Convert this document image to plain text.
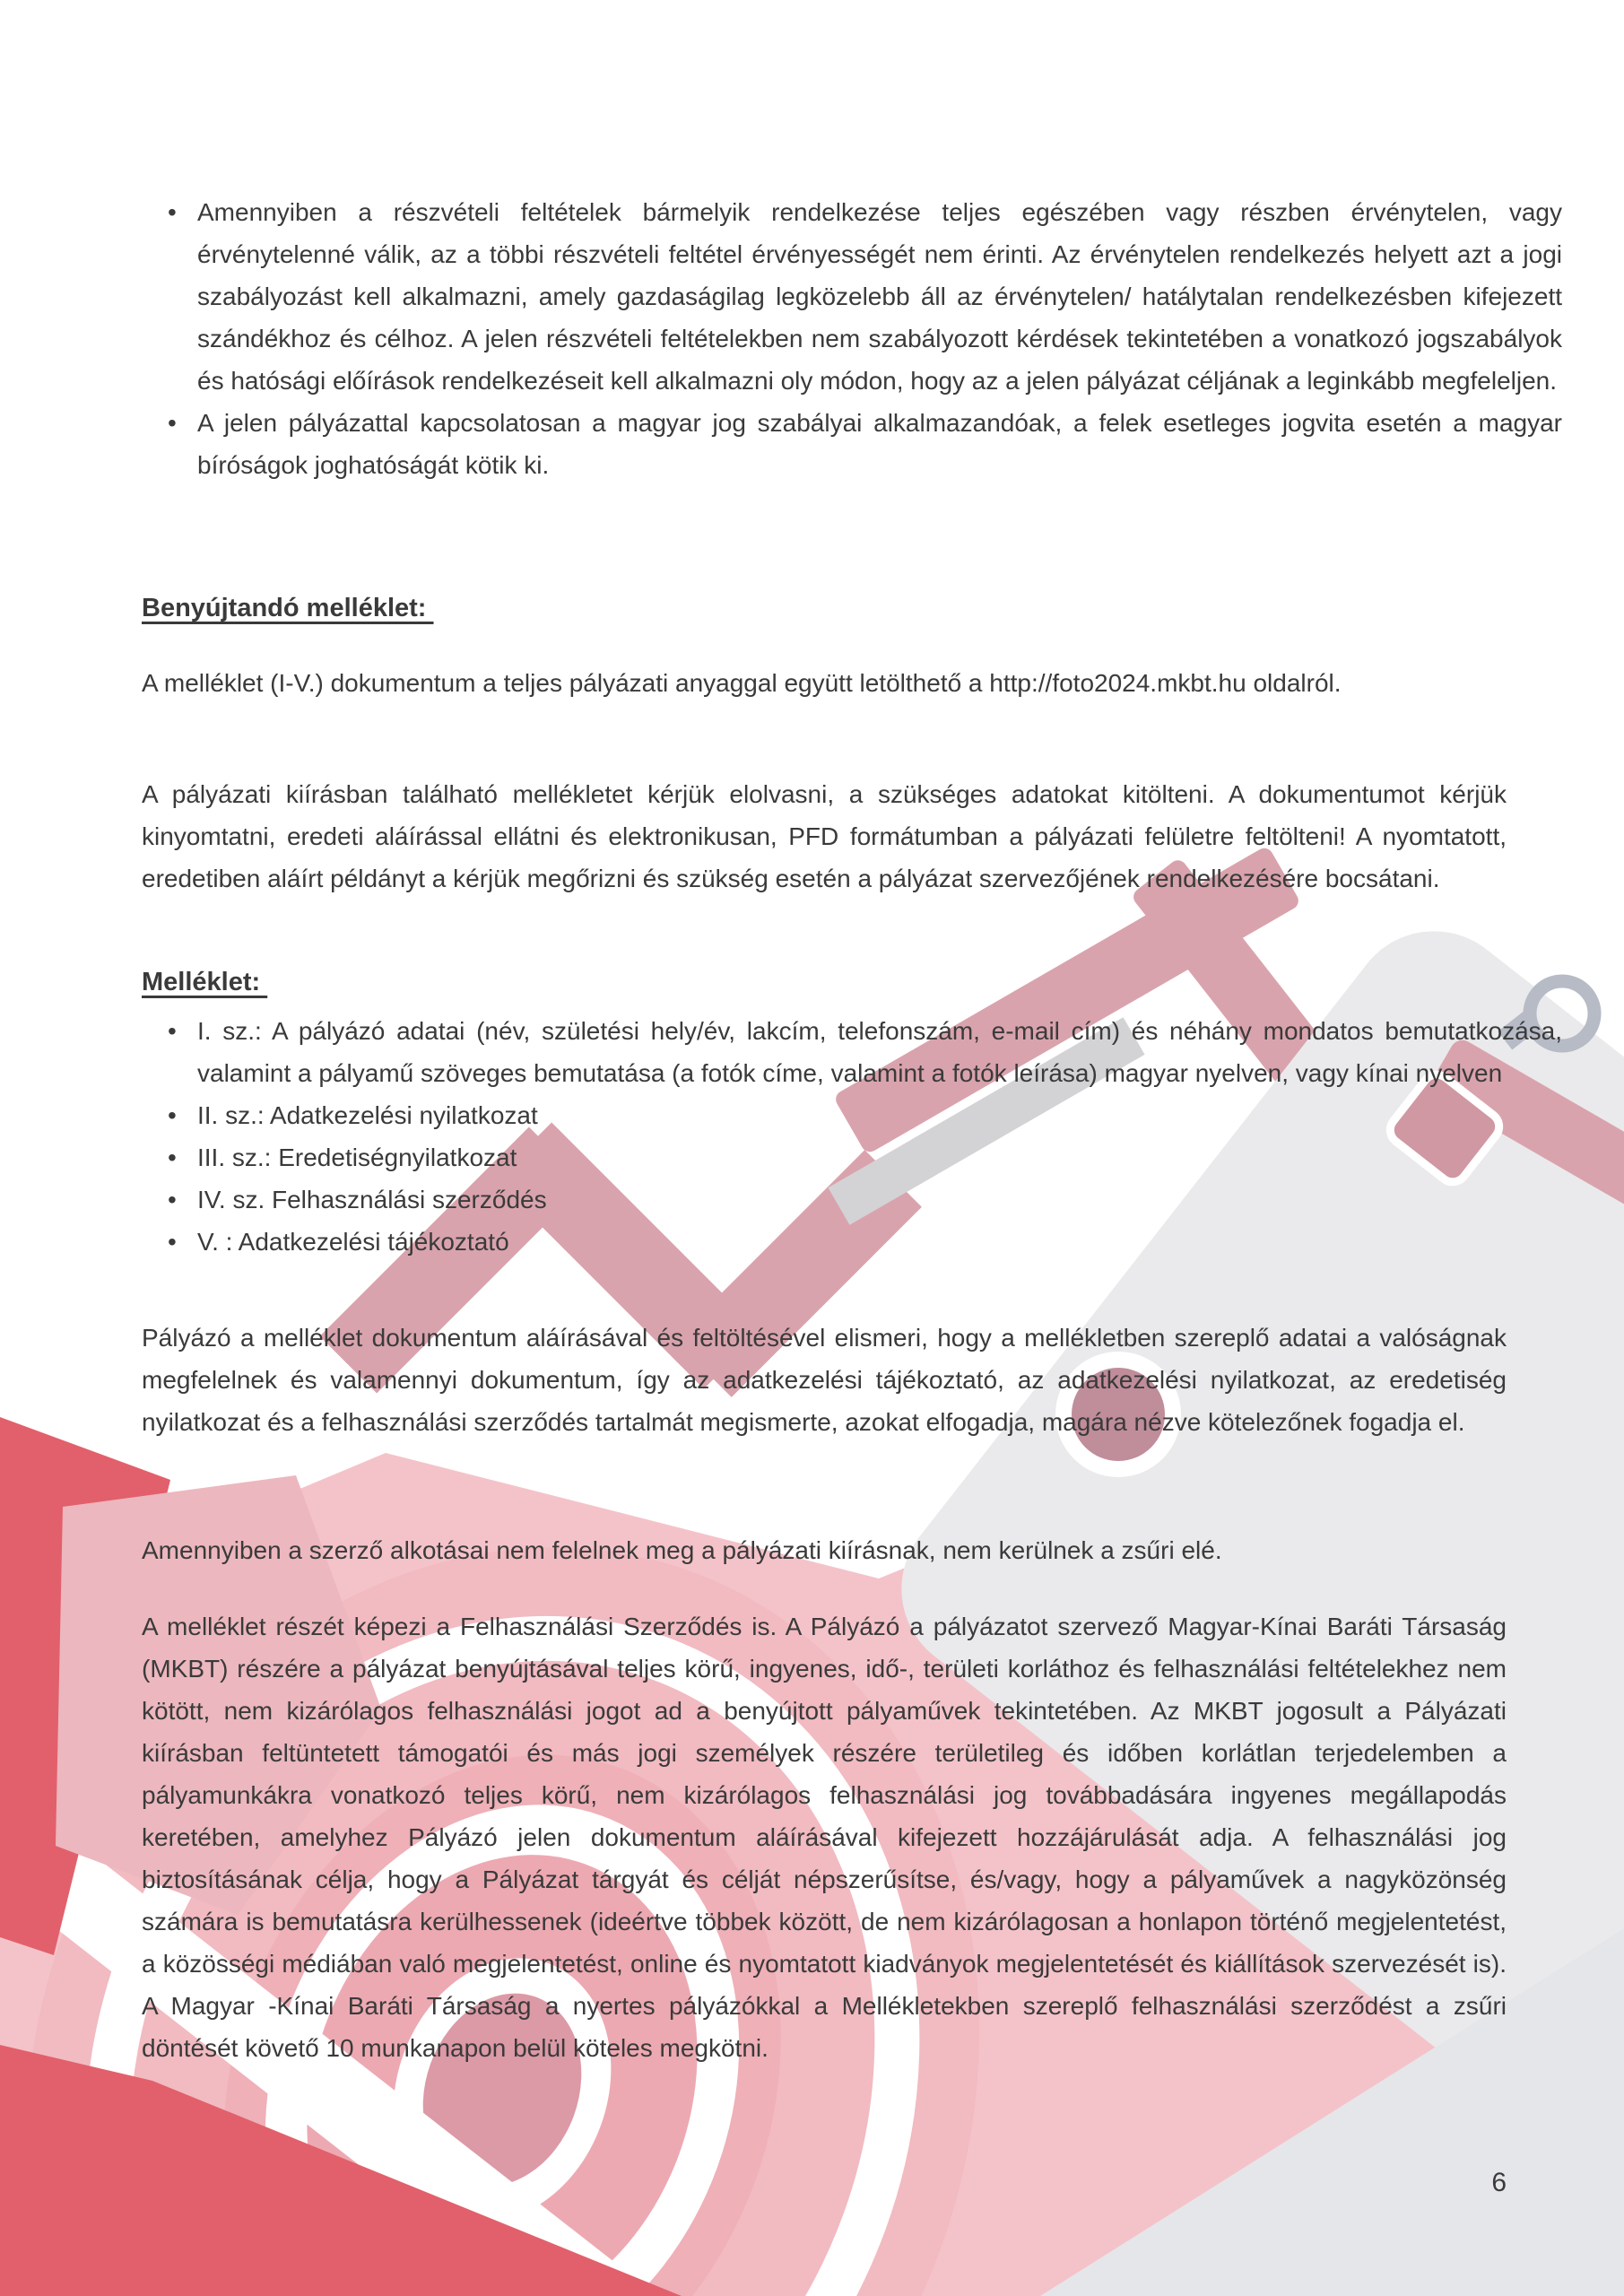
• Amennyiben a részvételi feltételek bármelyik rendelkezése teljes egészében vagy részben érvénytelen, vagy érvénytelenné válik, az a többi részvételi feltétel érvényességét nem érinti. Az érvénytelen rendelkezés helyett azt a jogi szabályozást kell alkalmazni, amely gazdaságilag legközelebb áll az érvénytelen/ hatálytalan rendelkezésben kifejezett szándékhoz és célhoz. A jelen részvételi feltételekben nem szabályozott kérdések tekintetében a vonatkozó jogszabályok és hatósági előírások rendelkezéseit kell alkalmazni oly módon, hogy az a jelen pályázat céljának a leginkább megfeleljen.
• A jelen pályázattal kapcsolatosan a magyar jog szabályai alkalmazandóak, a felek esetleges jogvita esetén a magyar bíróságok joghatóságát kötik ki.
Benyújtandó melléklet:

A melléklet (I-V.) dokumentum a teljes pályázati anyaggal együtt letölthető a http://foto2024.mkbt.hu oldalról.

A pályázati kiírásban található mellékletet kérjük elolvasni, a szükséges adatokat kitölteni. A dokumentumot kérjük kinyomtatni, eredeti aláírással ellátni és elektronikusan, PFD formátumban a pályázati felületre feltölteni! A nyomtatott, eredetiben aláírt példányt a kérjük megőrizni és szükség esetén a pályázat szervezőjének rendelkezésére bocsátani.

Melléklet:
• I. sz.: A pályázó adatai (név, születési hely/év, lakcím, telefonszám, e-mail cím) és néhány mondatos bemutatkozása, valamint a pályamű szöveges bemutatása (a fotók címe, valamint a fotók leírása) magyar nyelven, vagy kínai nyelven
• II. sz.: Adatkezelési nyilatkozat
• III. sz.: Eredetiségnyilatkozat
• IV. sz. Felhasználási szerződés
• V. : Adatkezelési tájékoztató

Pályázó a melléklet dokumentum aláírásával és feltöltésével elismeri, hogy a mellékletben szereplő adatai a valóságnak megfelelnek és valamennyi dokumentum, így az adatkezelési tájékoztató, az adatkezelési nyilatkozat, az eredetiség nyilatkozat és a felhasználási szerződés tartalmát megismerte, azokat elfogadja, magára nézve kötelezőnek fogadja el.

Amennyiben a szerző alkotásai nem felelnek meg a pályázati kiírásnak, nem kerülnek a zsűri elé.

A melléklet részét képezi a Felhasználási Szerződés is. A Pályázó a pályázatot szervező Magyar-Kínai Baráti Társaság (MKBT) részére a pályázat benyújtásával teljes körű, ingyenes, idő-, területi korláthoz és felhasználási feltételekhez nem kötött, nem kizárólagos felhasználási jogot ad a benyújtott pályaművek tekintetében. Az MKBT jogosult a Pályázati kiírásban feltüntetett támogatói és más jogi személyek részére területileg és időben korlátlan terjedelemben a pályamunkákra vonatkozó teljes körű, nem kizárólagos felhasználási jog továbbadására ingyenes megállapodás keretében, amelyhez Pályázó jelen dokumentum aláírásával kifejezett hozzájárulását adja. A felhasználási jog biztosításának célja, hogy a Pályázat tárgyát és célját népszerűsítse, és/vagy, hogy a pályaművek a nagyközönség számára is bemutatásra kerülhessenek (ideértve többek között, de nem kizárólagosan a honlapon történő megjelentetést, a közösségi médiában való megjelentetést, online és nyomtatott kiadványok megjelentetését és kiállítások szervezését is). A Magyar -Kínai Baráti Társaság a nyertes pályázókkal a Mellékletekben szereplő felhasználási szerződést a zsűri döntését követő 10 munkanapon belül köteles megkötni.

6
